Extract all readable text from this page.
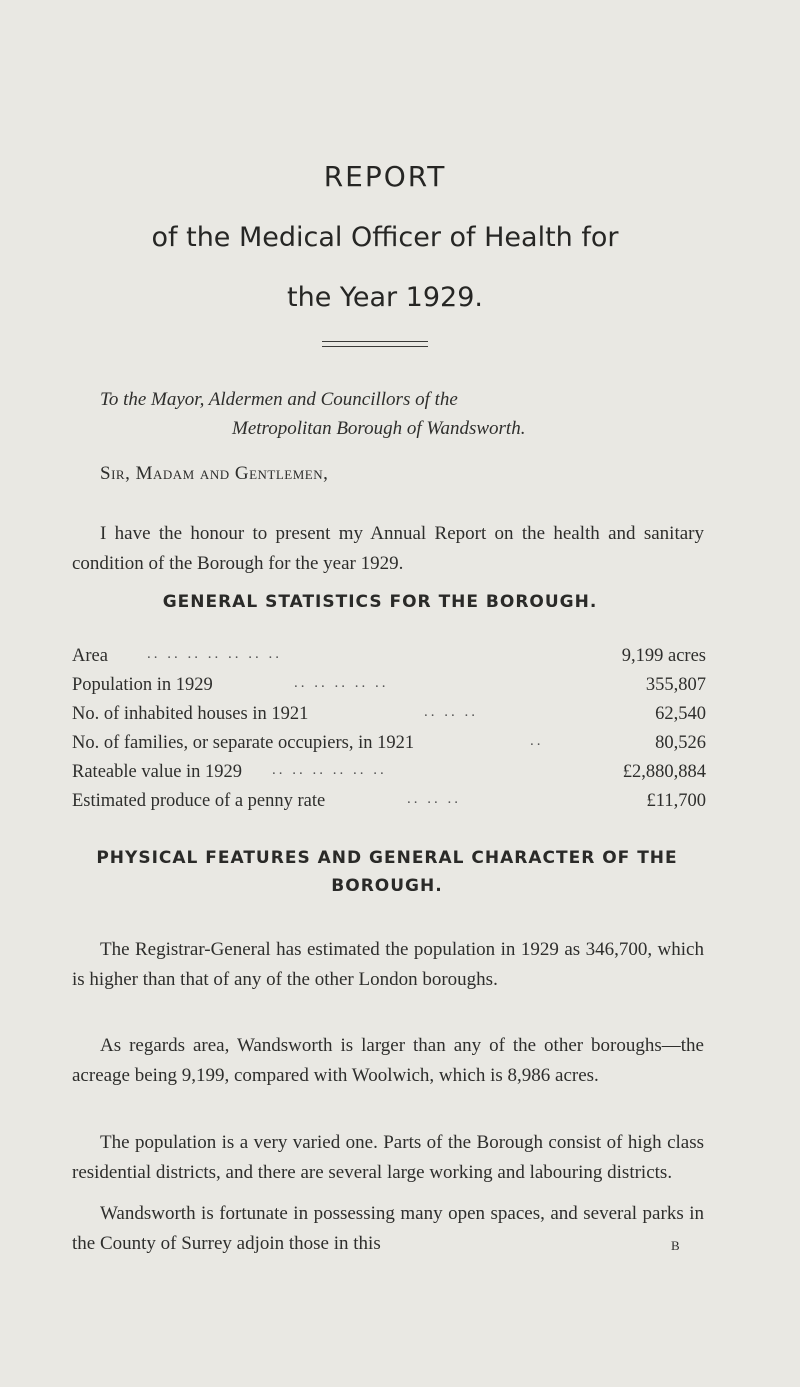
REPORT
of the Medical Officer of Health for
the Year 1929.
To the Mayor, Aldermen and Councillors of the
Metropolitan Borough of Wandsworth.
Sir, Madam and Gentlemen,

I have the honour to present my Annual Report on the health and sanitary condition of the Borough for the year 1929.

GENERAL STATISTICS FOR THE BOROUGH.
Area	.. .. .. .. .. .. ..	9,199 acres
Population in 1929	.. .. .. .. ..	355,807
No. of inhabited houses in 1921	.. .. ..	62,540
No. of families, or separate occupiers, in 1921	..	80,526
Rateable value in 1929 .. .. .. .. .. ..	£2,880,884
Estimated produce of a penny rate	.. .. ..	£11,700
PHYSICAL FEATURES AND GENERAL CHARACTER OF THE BOROUGH.

The Registrar-General has estimated the population in 1929 as 346,700, which is higher than that of any of the other London boroughs.

As regards area, Wandsworth is larger than any of the other boroughs—the acreage being 9,199, compared with Woolwich, which is 8,986 acres.

The population is a very varied one. Parts of the Borough consist of high class residential districts, and there are several large working and labouring districts.

Wandsworth is fortunate in possessing many open spaces, and several parks in the County of Surrey adjoin those in this	B
